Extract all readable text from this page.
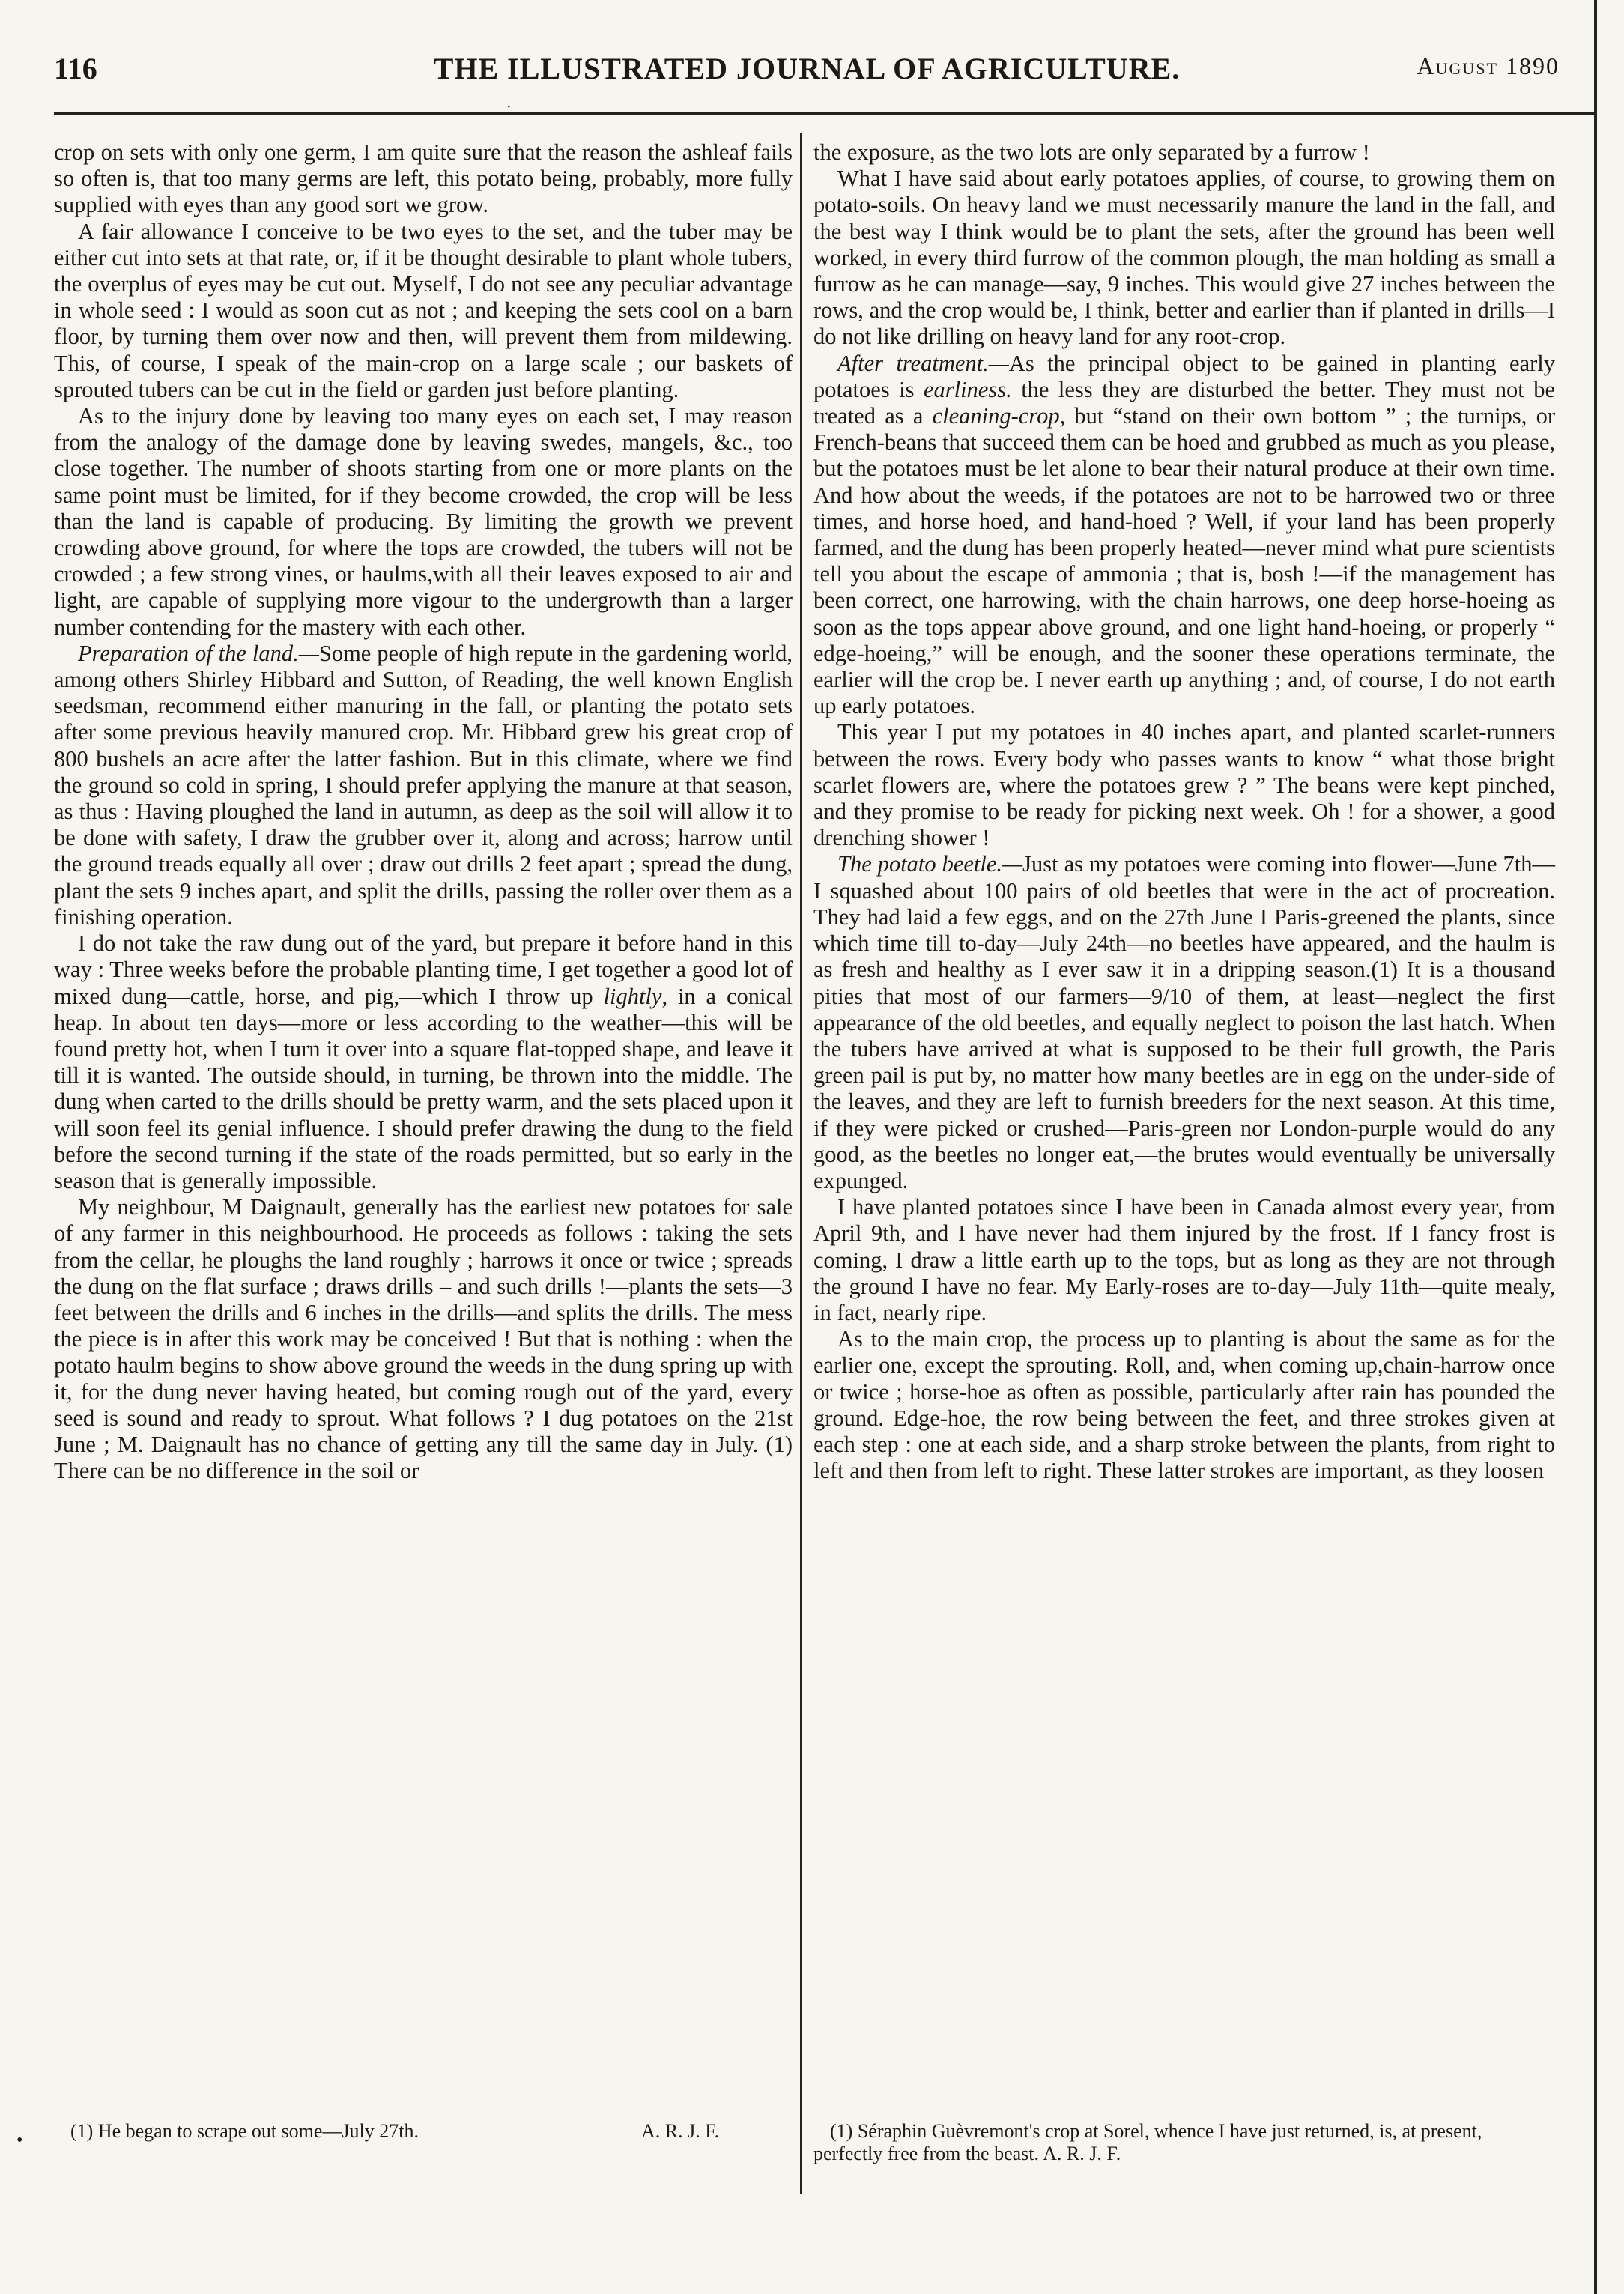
116	THE ILLUSTRATED JOURNAL OF AGRICULTURE.	August 1890
·

crop on sets with only one germ, I am quite sure that the reason the ashleaf fails so often is, that too many germs are left, this potato being, probably, more fully supplied with eyes than any good sort we grow.

A fair allowance I conceive to be two eyes to the set, and the tuber may be either cut into sets at that rate, or, if it be thought desirable to plant whole tubers, the overplus of eyes may be cut out. Myself, I do not see any peculiar advantage in whole seed : I would as soon cut as not ; and keeping the sets cool on a barn floor, by turning them over now and then, will prevent them from mildewing. This, of course, I speak of the main-crop on a large scale ; our baskets of sprouted tubers can be cut in the field or garden just before planting.

As to the injury done by leaving too many eyes on each set, I may reason from the analogy of the damage done by leaving swedes, mangels, &c., too close together. The number of shoots starting from one or more plants on the same point must be limited, for if they become crowded, the crop will be less than the land is capable of producing. By limiting the growth we prevent crowding above ground, for where the tops are crowded, the tubers will not be crowded ; a few strong vines, or haulms,with all their leaves exposed to air and light, are capable of supplying more vigour to the undergrowth than a larger number contending for the mastery with each other.

Preparation of the land.—Some people of high repute in the gardening world, among others Shirley Hibbard and Sutton, of Reading, the well known English seedsman, recommend either manuring in the fall, or planting the potato sets after some previous heavily manured crop. Mr. Hibbard grew his great crop of 800 bushels an acre after the latter fashion. But in this climate, where we find the ground so cold in spring, I should prefer applying the manure at that season, as thus : Having ploughed the land in autumn, as deep as the soil will allow it to be done with safety, I draw the grubber over it, along and across; harrow until the ground treads equally all over ; draw out drills 2 feet apart ; spread the dung, plant the sets 9 inches apart, and split the drills, passing the roller over them as a finishing operation.

I do not take the raw dung out of the yard, but prepare it before hand in this way : Three weeks before the probable planting time, I get together a good lot of mixed dung—cattle, horse, and pig,—which I throw up lightly, in a conical heap. In about ten days—more or less according to the weather—this will be found pretty hot, when I turn it over into a square flat-topped shape, and leave it till it is wanted. The outside should, in turning, be thrown into the middle. The dung when carted to the drills should be pretty warm, and the sets placed upon it will soon feel its genial influence. I should prefer drawing the dung to the field before the second turning if the state of the roads permitted, but so early in the season that is generally impossible.

My neighbour, M Daignault, generally has the earliest new potatoes for sale of any farmer in this neighbourhood. He proceeds as follows : taking the sets from the cellar, he ploughs the land roughly ; harrows it once or twice ; spreads the dung on the flat surface ; draws drills – and such drills !—plants the sets—3 feet between the drills and 6 inches in the drills—and splits the drills. The mess the piece is in after this work may be conceived ! But that is nothing : when the potato haulm begins to show above ground the weeds in the dung spring up with it, for the dung never having heated, but coming rough out of the yard, every seed is sound and ready to sprout. What follows ? I dug potatoes on the 21st June ; M. Daignault has no chance of getting any till the same day in July. (1) There can be no difference in the soil or

the exposure, as the two lots are only separated by a furrow !

What I have said about early potatoes applies, of course, to growing them on potato-soils. On heavy land we must necessarily manure the land in the fall, and the best way I think would be to plant the sets, after the ground has been well worked, in every third furrow of the common plough, the man holding as small a furrow as he can manage—say, 9 inches. This would give 27 inches between the rows, and the crop would be, I think, better and earlier than if planted in drills—I do not like drilling on heavy land for any root-crop.

After treatment.—As the principal object to be gained in planting early potatoes is earliness. the less they are disturbed the better. They must not be treated as a cleaning-crop, but “stand on their own bottom ” ; the turnips, or French-beans that succeed them can be hoed and grubbed as much as you please, but the potatoes must be let alone to bear their natural produce at their own time. And how about the weeds, if the potatoes are not to be harrowed two or three times, and horse hoed, and hand-hoed ? Well, if your land has been properly farmed, and the dung has been properly heated—never mind what pure scientists tell you about the escape of ammonia ; that is, bosh !—if the management has been correct, one harrowing, with the chain harrows, one deep horse-hoeing as soon as the tops appear above ground, and one light hand-hoeing, or properly “ edge-hoeing,” will be enough, and the sooner these operations terminate, the earlier will the crop be. I never earth up anything ; and, of course, I do not earth up early potatoes.

This year I put my potatoes in 40 inches apart, and planted scarlet-runners between the rows. Every body who passes wants to know “ what those bright scarlet flowers are, where the potatoes grew ? ” The beans were kept pinched, and they promise to be ready for picking next week. Oh ! for a shower, a good drenching shower !

The potato beetle.—Just as my potatoes were coming into flower—June 7th—I squashed about 100 pairs of old beetles that were in the act of procreation. They had laid a few eggs, and on the 27th June I Paris-greened the plants, since which time till to-day—July 24th—no beetles have appeared, and the haulm is as fresh and healthy as I ever saw it in a dripping season.(1) It is a thousand pities that most of our farmers—9/10 of them, at least—neglect the first appearance of the old beetles, and equally neglect to poison the last hatch. When the tubers have arrived at what is supposed to be their full growth, the Paris green pail is put by, no matter how many beetles are in egg on the under-side of the leaves, and they are left to furnish breeders for the next season. At this time, if they were picked or crushed—Paris-green nor London-purple would do any good, as the beetles no longer eat,—the brutes would eventually be universally expunged.

I have planted potatoes since I have been in Canada almost every year, from April 9th, and I have never had them injured by the frost. If I fancy frost is coming, I draw a little earth up to the tops, but as long as they are not through the ground I have no fear. My Early-roses are to-day—July 11th—quite mealy, in fact, nearly ripe.

As to the main crop, the process up to planting is about the same as for the earlier one, except the sprouting. Roll, and, when coming up,chain-harrow once or twice ; horse-hoe as often as possible, particularly after rain has pounded the ground. Edge-hoe, the row being between the feet, and three strokes given at each step : one at each side, and a sharp stroke between the plants, from right to left and then from left to right. These latter strokes are important, as they loosen

•	(1) He began to scrape out some—July 27th.	A. R. J. F.	(1) Séraphin Guèvremont's crop at Sorel, whence I have just returned, is, at present, perfectly free from the beast. A. R. J. F.
